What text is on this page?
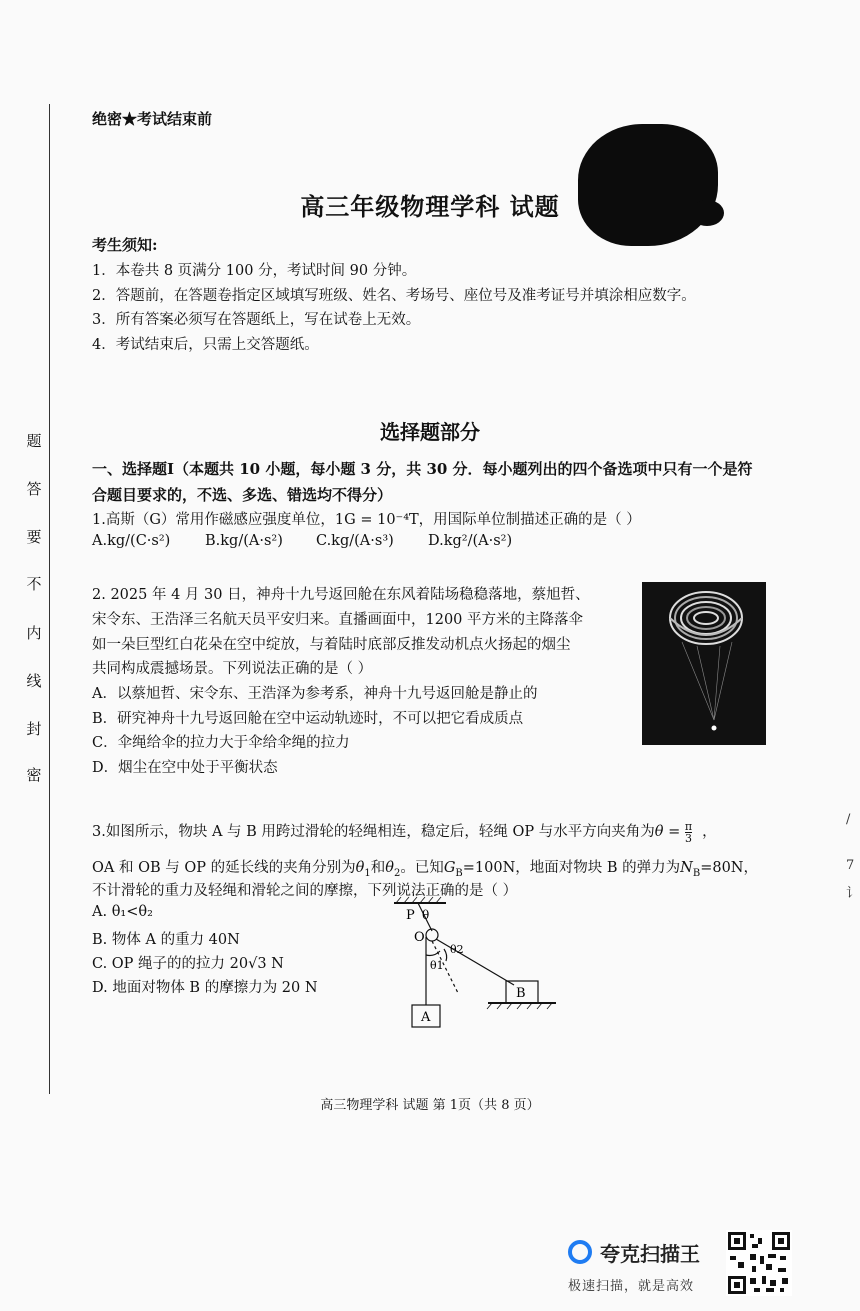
题
答
要
不
内
线
封
密
绝密★考试结束前
高三年级物理学科 试题
考生须知:
1．本卷共 8 页满分 100 分，考试时间 90 分钟。
2．答题前，在答题卷指定区域填写班级、姓名、考场号、座位号及准考证号并填涂相应数字。
3．所有答案必须写在答题纸上，写在试卷上无效。
4．考试结束后，只需上交答题纸。
选择题部分
一、选择题Ⅰ（本题共 10 小题，每小题 3 分，共 30 分．每小题列出的四个备选项中只有一个是符
合题目要求的，不选、多选、错选均不得分）
1.高斯（G）常用作磁感应强度单位，1G = 10⁻⁴T，用国际单位制描述正确的是（ ）
A.kg/(C·s²) B.kg/(A·s²) C.kg/(A·s³) D.kg²/(A·s²)
2. 2025 年 4 月 30 日，神舟十九号返回舱在东风着陆场稳稳落地，蔡旭哲、
宋令东、王浩泽三名航天员平安归来。直播画面中，1200 平方米的主降落伞
如一朵巨型红白花朵在空中绽放，与着陆时底部反推发动机点火扬起的烟尘
共同构成震撼场景。下列说法正确的是（ ）
A．以蔡旭哲、宋令东、王浩泽为参考系，神舟十九号返回舱是静止的
B．研究神舟十九号返回舱在空中运动轨迹时，不可以把它看成质点
C．伞绳给伞的拉力大于伞给伞绳的拉力
D．烟尘在空中处于平衡状态
3.如图所示，物块 A 与 B 用跨过滑轮的轻绳相连，稳定后，轻绳 OP 与水平方向夹角为$\theta = \frac{\pi}{3}$ ，
OA 和 OB 与 OP 的延长线的夹角分别为$\theta_1$和$\theta_2$。已知$G_B=100N$，地面对物块 B 的弹力为$N_B=80N$，
不计滑轮的重力及轻绳和滑轮之间的摩擦，下列说法正确的是（ ）
A. θ₁<θ₂
B. 物体 A 的重力 40N
C. OP 绳子的的拉力 20√3 N
D. 地面对物体 B 的摩擦力为 20 N
P θ
O
θ2
θ1
A
B
/
7
讠
高三物理学科 试题 第 1页（共 8 页）
夸克扫描王
极速扫描，就是高效
